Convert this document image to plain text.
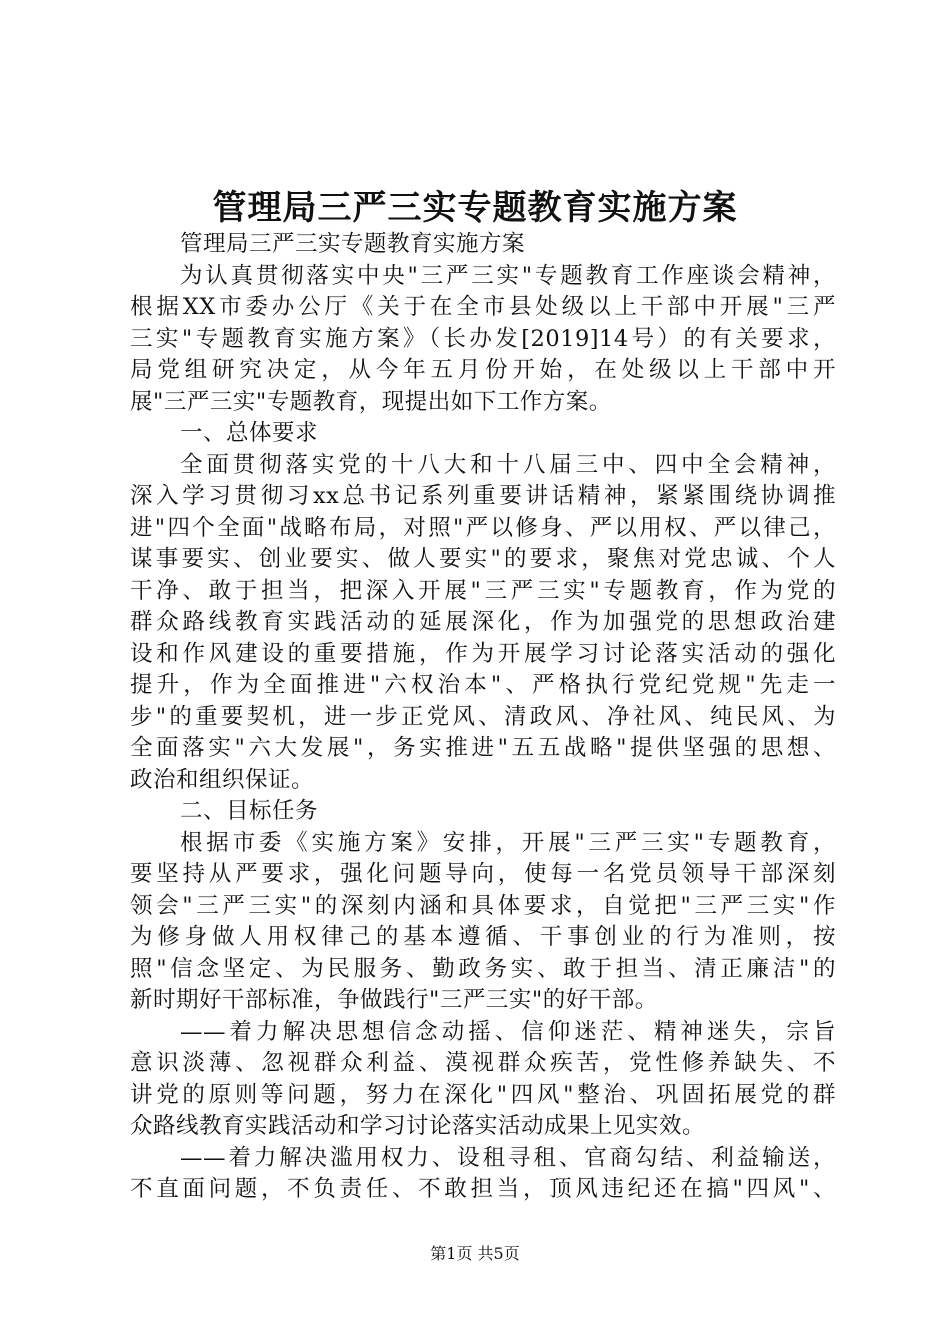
管理局三严三实专题教育实施方案
管理局三严三实专题教育实施方案
为认真贯彻落实中央"三严三实"专题教育工作座谈会精神，
根据XX市委办公厅《关于在全市县处级以上干部中开展"三严
三实"专题教育实施方案》（长办发[2019]14号）的有关要求，
局党组研究决定，从今年五月份开始，在处级以上干部中开
展"三严三实"专题教育，现提出如下工作方案。
一、总体要求
全面贯彻落实党的十八大和十八届三中、四中全会精神，
深入学习贯彻习xx总书记系列重要讲话精神，紧紧围绕协调推
进"四个全面"战略布局，对照"严以修身、严以用权、严以律己，
谋事要实、创业要实、做人要实"的要求，聚焦对党忠诚、个人
干净、敢于担当，把深入开展"三严三实"专题教育，作为党的
群众路线教育实践活动的延展深化，作为加强党的思想政治建
设和作风建设的重要措施，作为开展学习讨论落实活动的强化
提升，作为全面推进"六权治本"、严格执行党纪党规"先走一
步"的重要契机，进一步正党风、清政风、净社风、纯民风、为
全面落实"六大发展"，务实推进"五五战略"提供坚强的思想、
政治和组织保证。
二、目标任务
根据市委《实施方案》安排，开展"三严三实"专题教育，
要坚持从严要求，强化问题导向，使每一名党员领导干部深刻
领会"三严三实"的深刻内涵和具体要求，自觉把"三严三实"作
为修身做人用权律己的基本遵循、干事创业的行为准则，按
照"信念坚定、为民服务、勤政务实、敢于担当、清正廉洁"的
新时期好干部标准，争做践行"三严三实"的好干部。
——着力解决思想信念动摇、信仰迷茫、精神迷失，宗旨
意识淡薄、忽视群众利益、漠视群众疾苦，党性修养缺失、不
讲党的原则等问题，努力在深化"四风"整治、巩固拓展党的群
众路线教育实践活动和学习讨论落实活动成果上见实效。
——着力解决滥用权力、设租寻租、官商勾结、利益输送，
不直面问题，不负责任、不敢担当，顶风违纪还在搞"四风"、
第1页 共5页
